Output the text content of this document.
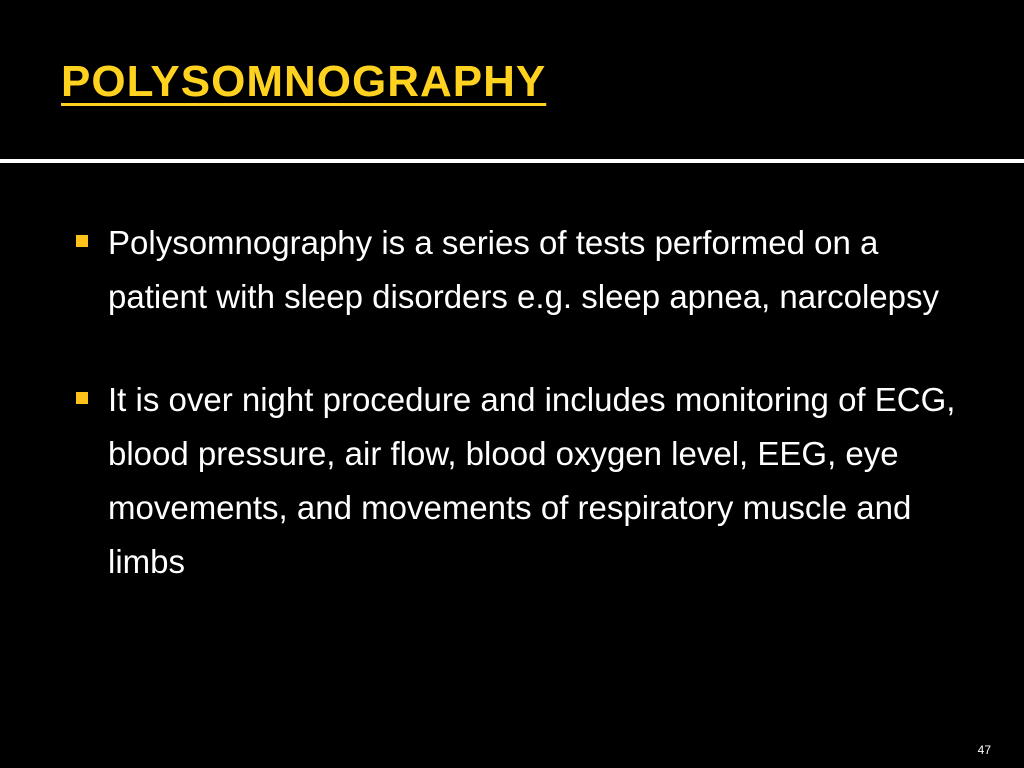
POLYSOMNOGRAPHY
Polysomnography is a series of tests performed on a patient with sleep disorders e.g. sleep apnea, narcolepsy
It is over night procedure and includes monitoring of ECG, blood pressure, air flow, blood oxygen level, EEG, eye movements, and movements of respiratory muscle and limbs
47
